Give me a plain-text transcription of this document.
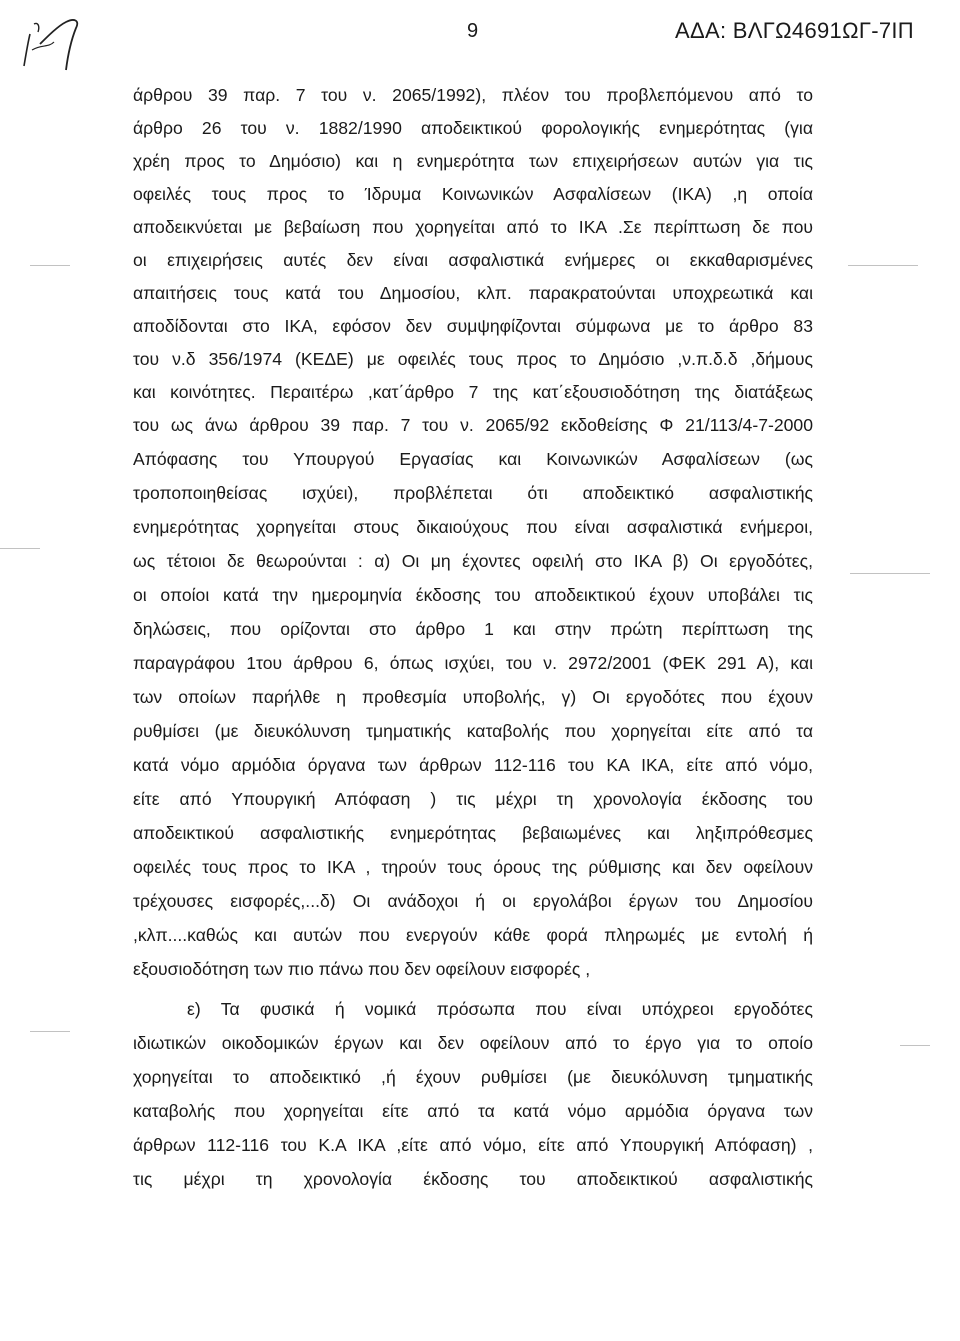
9	ΑΔΑ: ΒΛΓΩ4691ΩΓ-7ΙΠ
άρθρου 39 παρ. 7 του ν. 2065/1992), πλέον του προβλεπόμενου από το
άρθρο 26 του ν. 1882/1990 αποδεικτικού φορολογικής ενημερότητας (για
χρέη προς το Δημόσιο) και η ενημερότητα των επιχειρήσεων αυτών για τις
οφειλές τους προς το Ίδρυμα Κοινωνικών Ασφαλίσεων (ΙΚΑ) ,η οποία
αποδεικνύεται με βεβαίωση που χορηγείται από το ΙΚΑ .Σε περίπτωση δε που
οι επιχειρήσεις αυτές δεν είναι ασφαλιστικά ενήμερες οι εκκαθαρισμένες
απαιτήσεις τους κατά του Δημοσίου, κλπ. παρακρατούνται υποχρεωτικά και
αποδίδονται στο ΙΚΑ, εφόσον δεν συμψηφίζονται σύμφωνα με το άρθρο 83
του ν.δ 356/1974 (ΚΕΔΕ) με οφειλές τους προς το Δημόσιο ,ν.π.δ.δ ,δήμους
και κοινότητες. Περαιτέρω ,κατ΄άρθρο 7 της κατ΄εξουσιοδότηση της διατάξεως
του ως άνω άρθρου 39 παρ. 7 του ν. 2065/92 εκδοθείσης Φ 21/113/4-7-2000
Απόφασης του Υπουργού Εργασίας και Κοινωνικών Ασφαλίσεων (ως
τροποποιηθείσας ισχύει), προβλέπεται ότι αποδεικτικό ασφαλιστικής
ενημερότητας χορηγείται στους δικαιούχους που είναι ασφαλιστικά ενήμεροι,
ως τέτοιοι δε θεωρούνται : α) Οι μη έχοντες οφειλή στο ΙΚΑ β) Οι εργοδότες,
οι οποίοι κατά την ημερομηνία έκδοσης του αποδεικτικού έχουν υποβάλει τις
δηλώσεις, που ορίζονται στο άρθρο 1 και στην πρώτη περίπτωση της
παραγράφου 1του άρθρου 6, όπως ισχύει, του ν. 2972/2001 (ΦΕΚ 291 Α), και
των οποίων παρήλθε η προθεσμία υποβολής, γ) Οι εργοδότες που έχουν
ρυθμίσει (με διευκόλυνση τμηματικής καταβολής που χορηγείται είτε από τα
κατά νόμο αρμόδια όργανα των άρθρων 112-116 του ΚΑ ΙΚΑ, είτε από νόμο,
είτε από Υπουργική Απόφαση ) τις μέχρι τη χρονολογία έκδοσης του
αποδεικτικού ασφαλιστικής ενημερότητας βεβαιωμένες και ληξιπρόθεσμες
οφειλές τους προς το ΙΚΑ , τηρούν τους όρους της ρύθμισης και δεν οφείλουν
τρέχουσες εισφορές,...δ) Οι ανάδοχοι ή οι εργολάβοι έργων του Δημοσίου
,κλπ....καθώς και αυτών που ενεργούν κάθε φορά πληρωμές με εντολή ή
εξουσιοδότηση των πιο πάνω που δεν οφείλουν εισφορές ,
ε) Τα φυσικά ή νομικά πρόσωπα που είναι υπόχρεοι εργοδότες
ιδιωτικών οικοδομικών έργων και δεν οφείλουν από το έργο για το οποίο
χορηγείται το αποδεικτικό ,ή έχουν ρυθμίσει (με διευκόλυνση τμηματικής
καταβολής που χορηγείται είτε από τα κατά νόμο αρμόδια όργανα των
άρθρων 112-116 του Κ.Α ΙΚΑ ,είτε από νόμο, είτε από Υπουργική Απόφαση) ,
τις μέχρι τη χρονολογία έκδοσης του αποδεικτικού ασφαλιστικής
